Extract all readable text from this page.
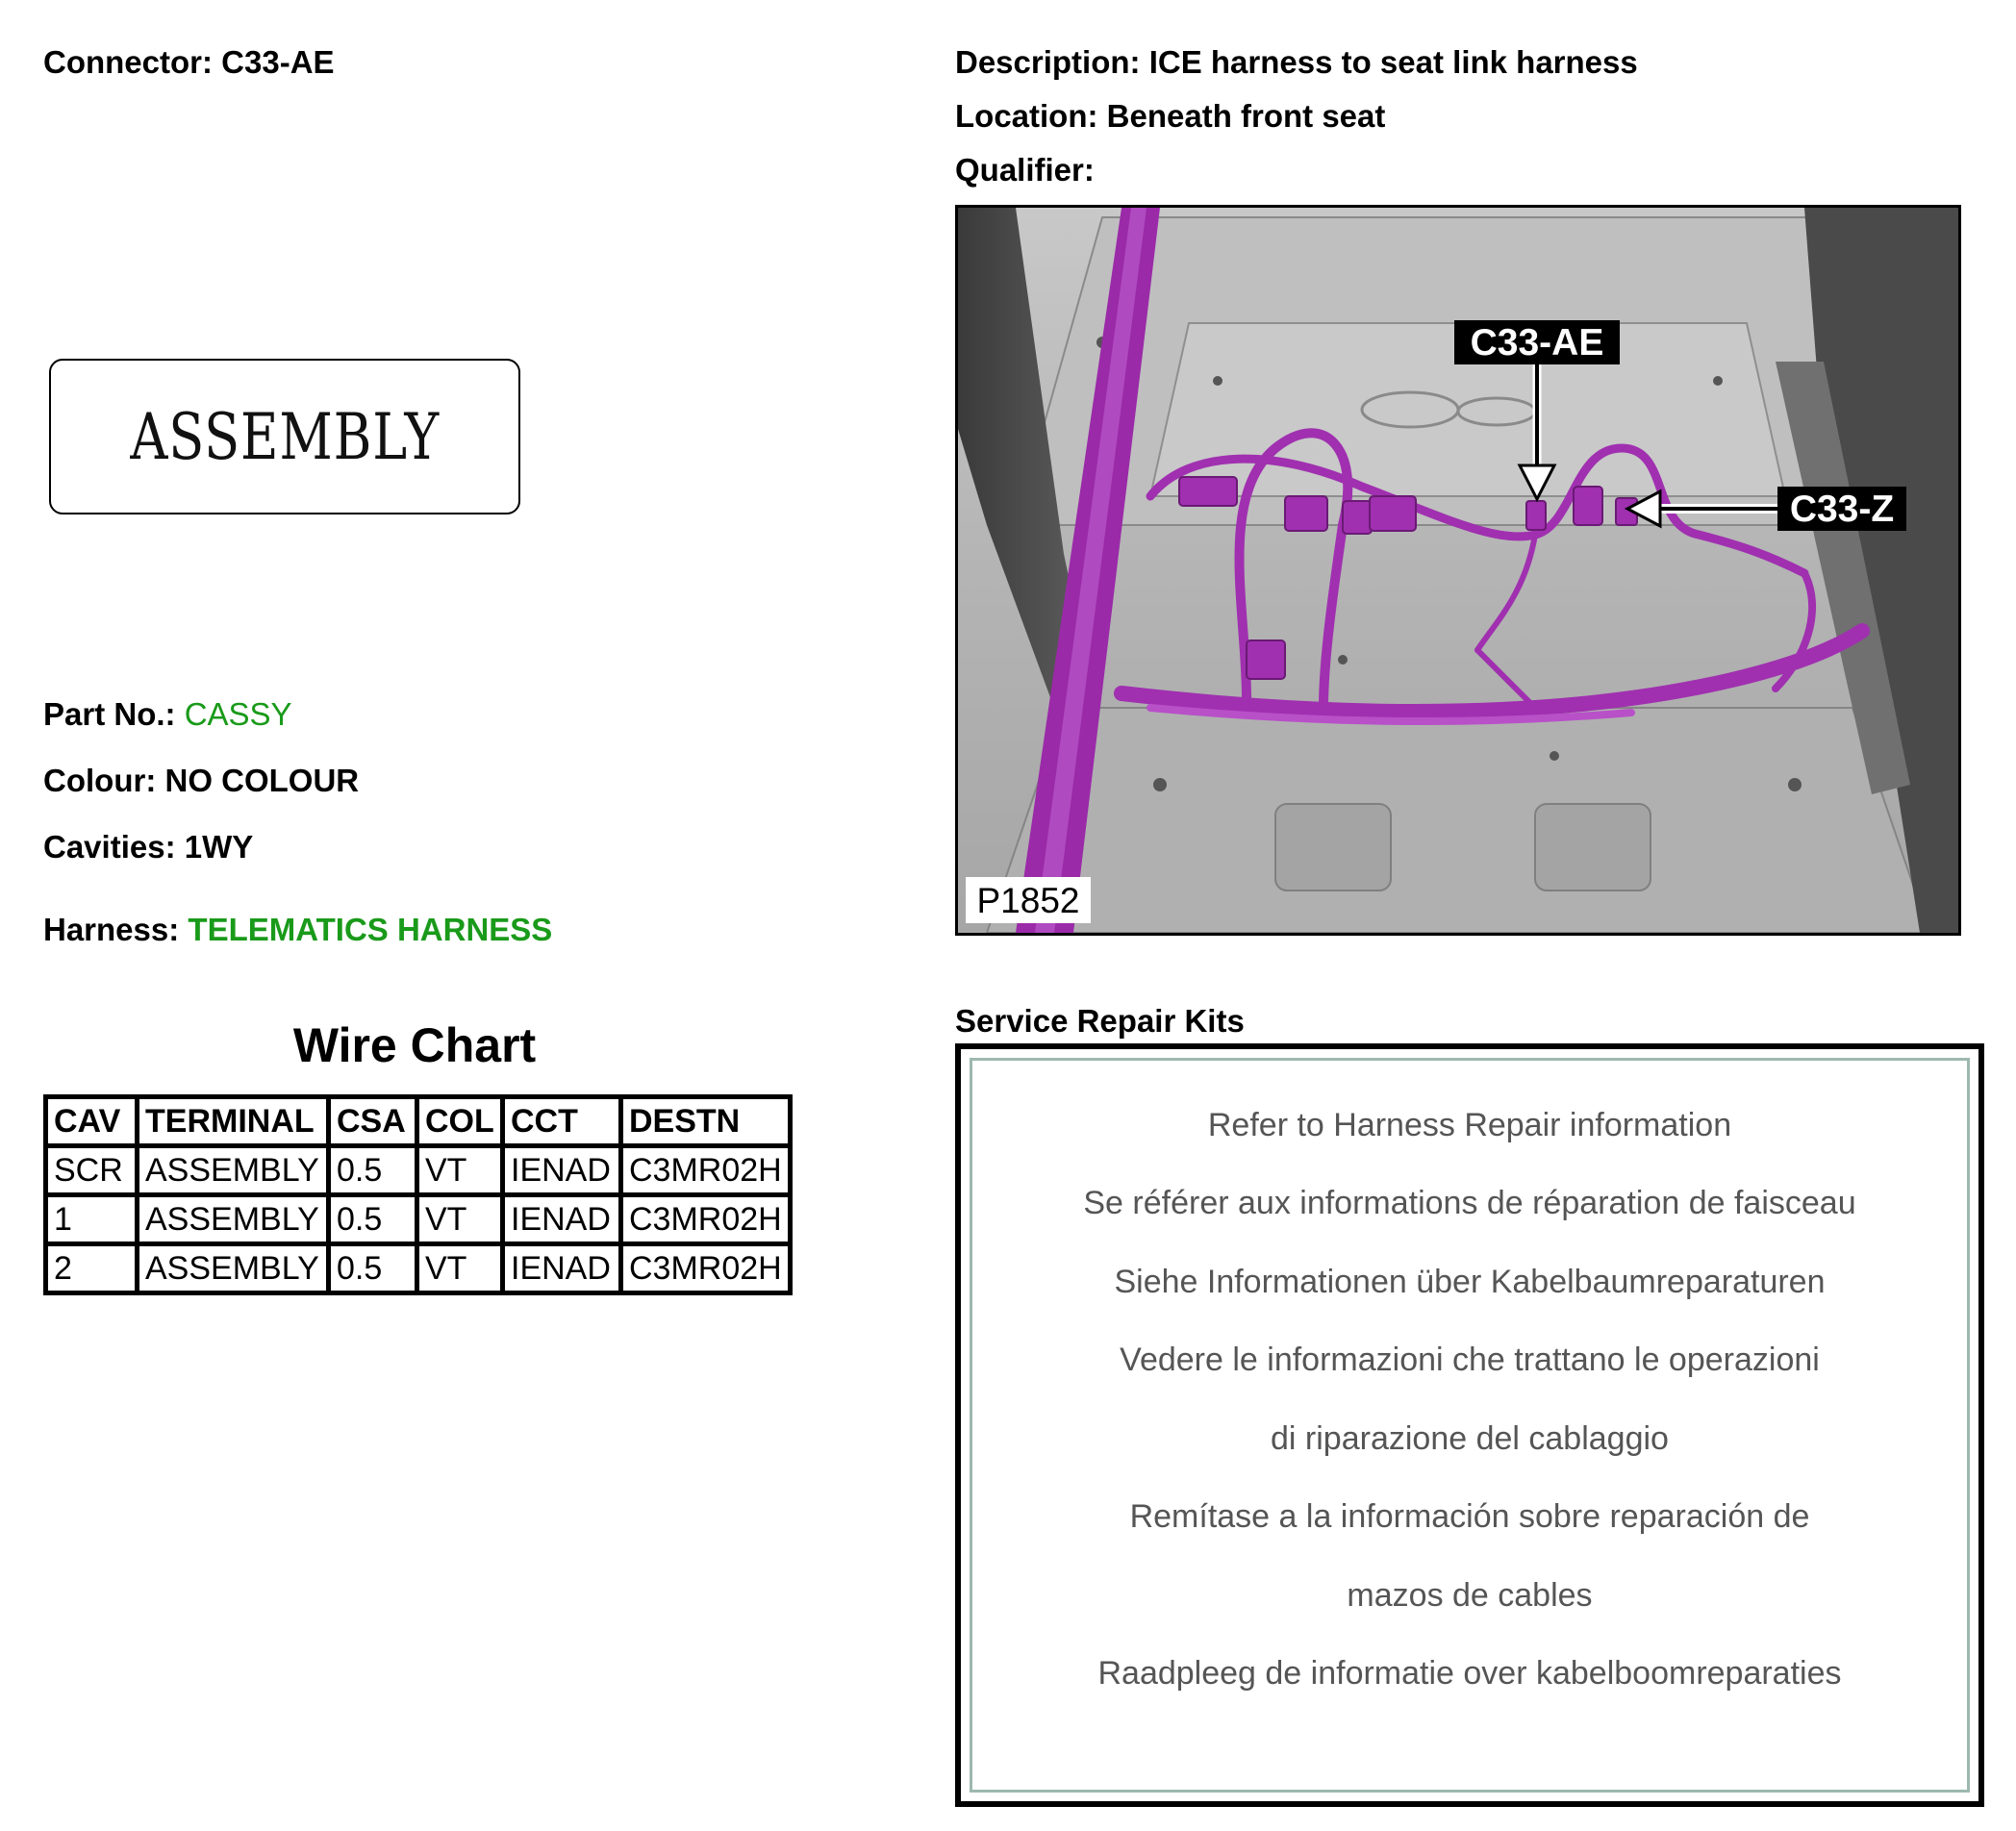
Connector: C33-AE	Description: ICE harness to seat link harness
Location: Beneath front seat
Qualifier:
ASSEMBLY
Part No.: CASSY
Colour: NO COLOUR
Cavities: 1WY
Harness: TELEMATICS HARNESS
Wire Chart
CAV	TERMINAL	CSA	COL	CCT	DESTN
SCR	ASSEMBLY	0.5	VT	IENAD	C3MR02H
1	ASSEMBLY	0.5	VT	IENAD	C3MR02H
2	ASSEMBLY	0.5	VT	IENAD	C3MR02H
C33-AE
C33-Z
P1852
Service Repair Kits
Refer to Harness Repair information
Se référer aux informations de réparation de faisceau
Siehe Informationen über Kabelbaumreparaturen
Vedere le informazioni che trattano le operazioni
di riparazione del cablaggio
Remítase a la información sobre reparación de
mazos de cables
Raadpleeg de informatie over kabelboomreparaties
